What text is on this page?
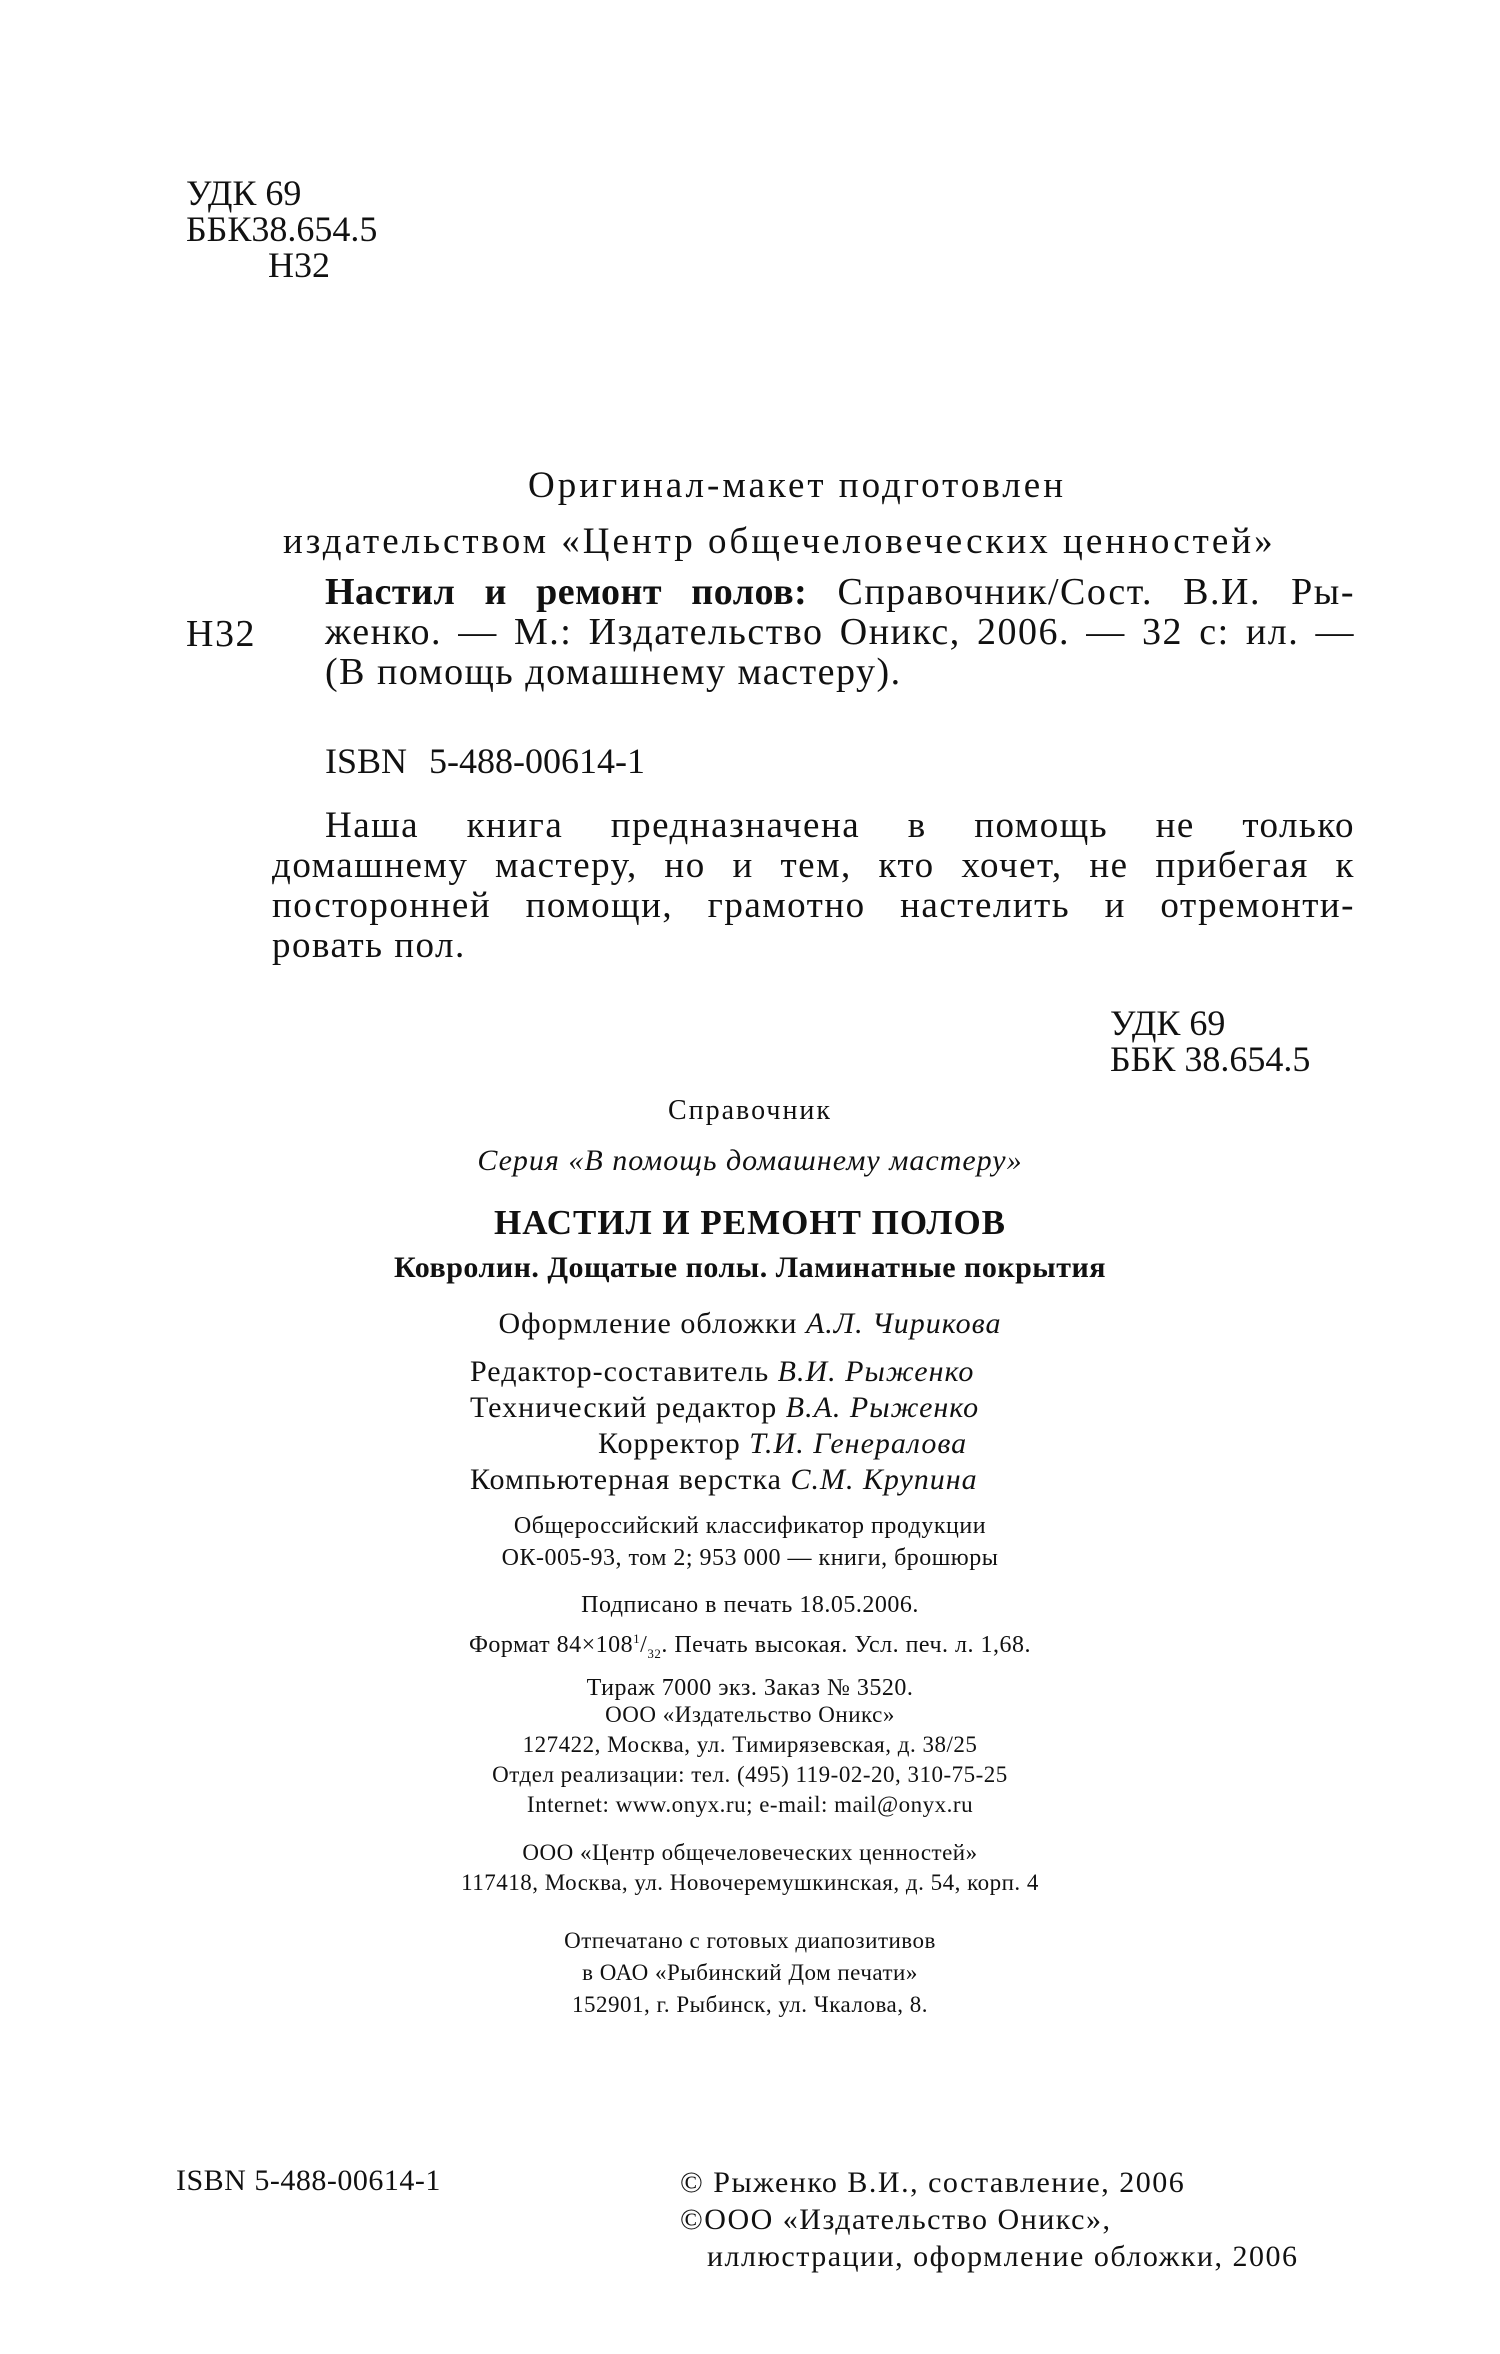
УДК 69
ББК38.654.5
Н32
Оригинал-макет подготовлен
издательством «Центр общечеловеческих ценностей»
Н32
Настил и ремонт полов: Справочник/Сост. В.И. Ры-
женко. — М.: Издательство Оникс, 2006. — 32 с: ил. —
(В помощь домашнему мастеру).
ISBN 5-488-00614-1
Наша книга предназначена в помощь не только
домашнему мастеру, но и тем, кто хочет, не прибегая к
посторонней помощи, грамотно настелить и отремонти-
ровать пол.
УДК 69
ББК 38.654.5
Справочник
Серия «В помощь домашнему мастеру»
НАСТИЛ И РЕМОНТ ПОЛОВ
Ковролин. Дощатые полы. Ламинатные покрытия
Оформление обложки А.Л. Чирикова
Редактор-составитель В.И. Рыженко
Технический редактор В.А. Рыженко
Корректор Т.И. Генералова
Компьютерная верстка С.М. Крупина
Общероссийский классификатор продукции
ОК-005-93, том 2; 953 000 — книги, брошюры
Подписано в печать 18.05.2006.
Формат $84\times 108^1/_{32}$. Печать высокая. Усл. печ. л. 1,68.
Тираж 7000 экз. Заказ № 3520.
ООО «Издательство Оникс»
127422, Москва, ул. Тимирязевская, д. 38/25
Отдел реализации: тел. (495) 119-02-20, 310-75-25
Internet: www.onyx.ru; e-mail: mail@onyx.ru
ООО «Центр общечеловеческих ценностей»
117418, Москва, ул. Новочеремушкинская, д. 54, корп. 4
Отпечатано с готовых диапозитивов
в ОАО «Рыбинский Дом печати»
152901, г. Рыбинск, ул. Чкалова, 8.
ISBN 5-488-00614-1	© Рыженко В.И., составление, 2006
©ООО «Издательство Оникс»,
иллюстрации, оформление обложки, 2006
